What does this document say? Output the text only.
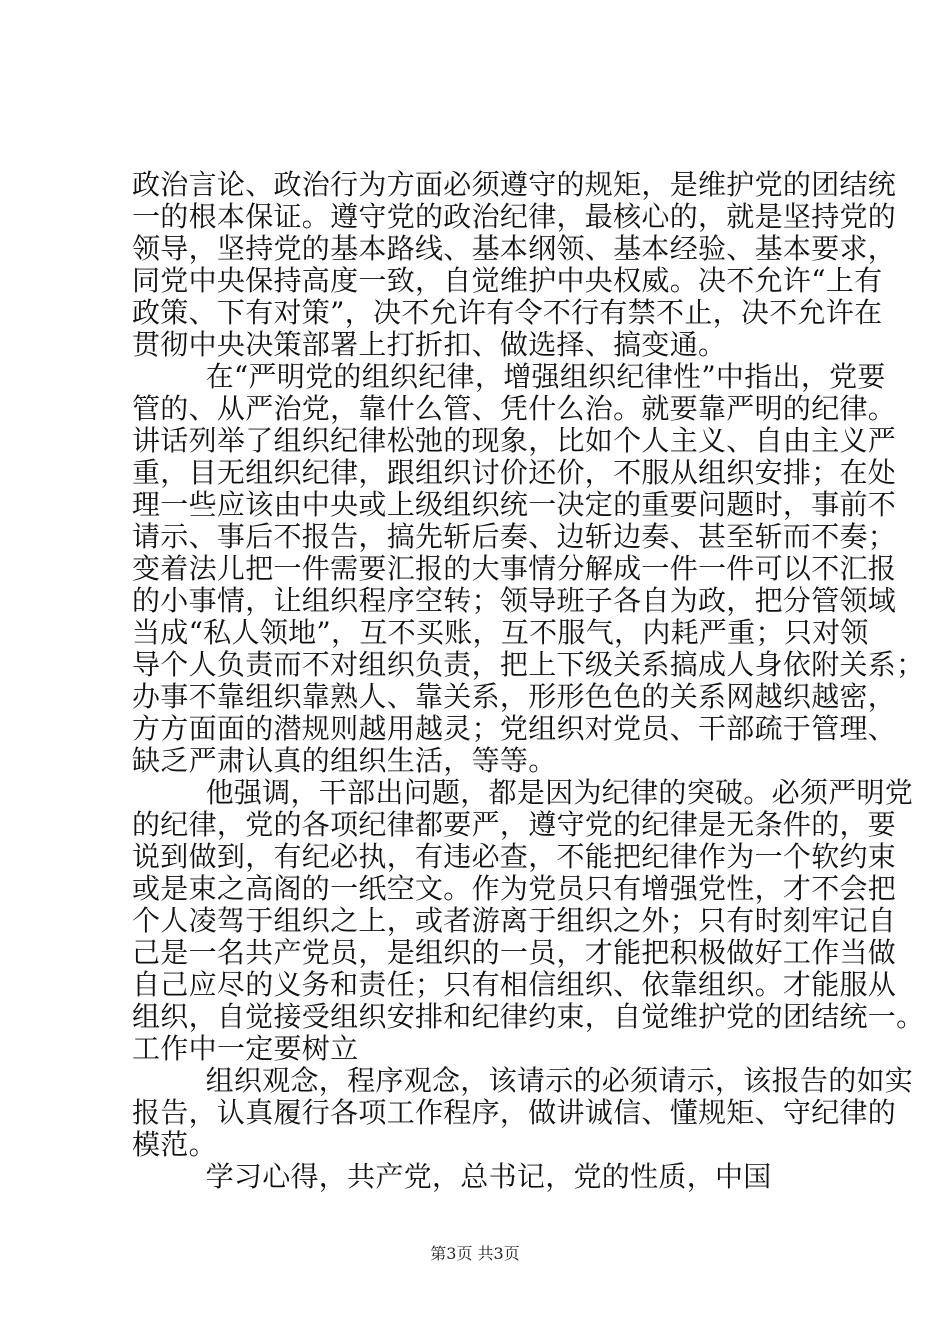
政治言论、政治行为方面必须遵守的规矩，是维护党的团结统
一的根本保证。遵守党的政治纪律，最核心的，就是坚持党的
领导，坚持党的基本路线、基本纲领、基本经验、基本要求，
同党中央保持高度一致，自觉维护中央权威。决不允许“上有
政策、下有对策”，决不允许有令不行有禁不止，决不允许在
贯彻中央决策部署上打折扣、做选择、搞变通。
在“严明党的组织纪律，增强组织纪律性”中指出，党要
管的、从严治党，靠什么管、凭什么治。就要靠严明的纪律。
讲话列举了组织纪律松弛的现象，比如个人主义、自由主义严
重，目无组织纪律，跟组织讨价还价，不服从组织安排；在处
理一些应该由中央或上级组织统一决定的重要问题时，事前不
请示、事后不报告，搞先斩后奏、边斩边奏、甚至斩而不奏；
变着法儿把一件需要汇报的大事情分解成一件一件可以不汇报
的小事情，让组织程序空转；领导班子各自为政，把分管领域
当成“私人领地”，互不买账，互不服气，内耗严重；只对领
导个人负责而不对组织负责，把上下级关系搞成人身依附关系；
办事不靠组织靠熟人、靠关系，形形色色的关系网越织越密，
方方面面的潜规则越用越灵；党组织对党员、干部疏于管理、
缺乏严肃认真的组织生活，等等。
他强调，干部出问题，都是因为纪律的突破。必须严明党
的纪律，党的各项纪律都要严，遵守党的纪律是无条件的，要
说到做到，有纪必执，有违必查，不能把纪律作为一个软约束
或是束之高阁的一纸空文。作为党员只有增强党性，才不会把
个人凌驾于组织之上，或者游离于组织之外；只有时刻牢记自
己是一名共产党员，是组织的一员，才能把积极做好工作当做
自己应尽的义务和责任；只有相信组织、依靠组织。才能服从
组织，自觉接受组织安排和纪律约束，自觉维护党的团结统一。
工作中一定要树立
组织观念，程序观念，该请示的必须请示，该报告的如实
报告，认真履行各项工作程序，做讲诚信、懂规矩、守纪律的
模范。
学习心得，共产党，总书记，党的性质，中国
第3页 共3页
